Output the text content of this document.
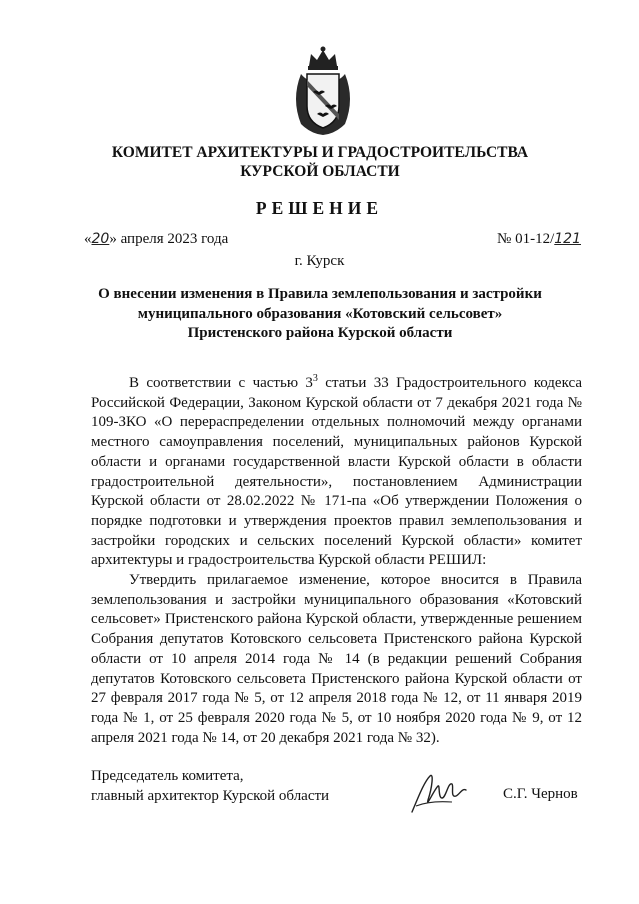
КОМИТЕТ АРХИТЕКТУРЫ И ГРАДОСТРОИТЕЛЬСТВА
КУРСКОЙ ОБЛАСТИ
РЕШЕНИЕ
«20» апреля 2023 года	№ 01-12/121
г. Курск
О внесении изменения в Правила землепользования и застройки
муниципального образования «Котовский сельсовет»
Пристенского района Курской области

В соответствии с частью $3^3$ статьи 33 Градостроительного кодекса Российской Федерации, Законом Курской области от 7 декабря 2021 года № 109-ЗКО «О перераспределении отдельных полномочий между органами местного самоуправления поселений, муниципальных районов Курской области и органами государственной власти Курской области в области градостроительной деятельности», постановлением Администрации Курской области от 28.02.2022 № 171-па «Об утверждении Положения о порядке подготовки и утверждения проектов правил землепользования и застройки городских и сельских поселений Курской области» комитет архитектуры и градостроительства Курской области РЕШИЛ:

Утвердить прилагаемое изменение, которое вносится в Правила землепользования и застройки муниципального образования «Котовский сельсовет» Пристенского района Курской области, утвержденные решением Собрания депутатов Котовского сельсовета Пристенского района Курской области от 10 апреля 2014 года № 14 (в редакции решений Собрания депутатов Котовского сельсовета Пристенского района Курской области от 27 февраля 2017 года № 5, от 12 апреля 2018 года № 12, от 11 января 2019 года № 1, от 25 февраля 2020 года № 5, от 10 ноября 2020 года № 9, от 12 апреля 2021 года № 14, от 20 декабря 2021 года № 32).

Председатель комитета,
главный архитектор Курской области	С.Г. Чернов
